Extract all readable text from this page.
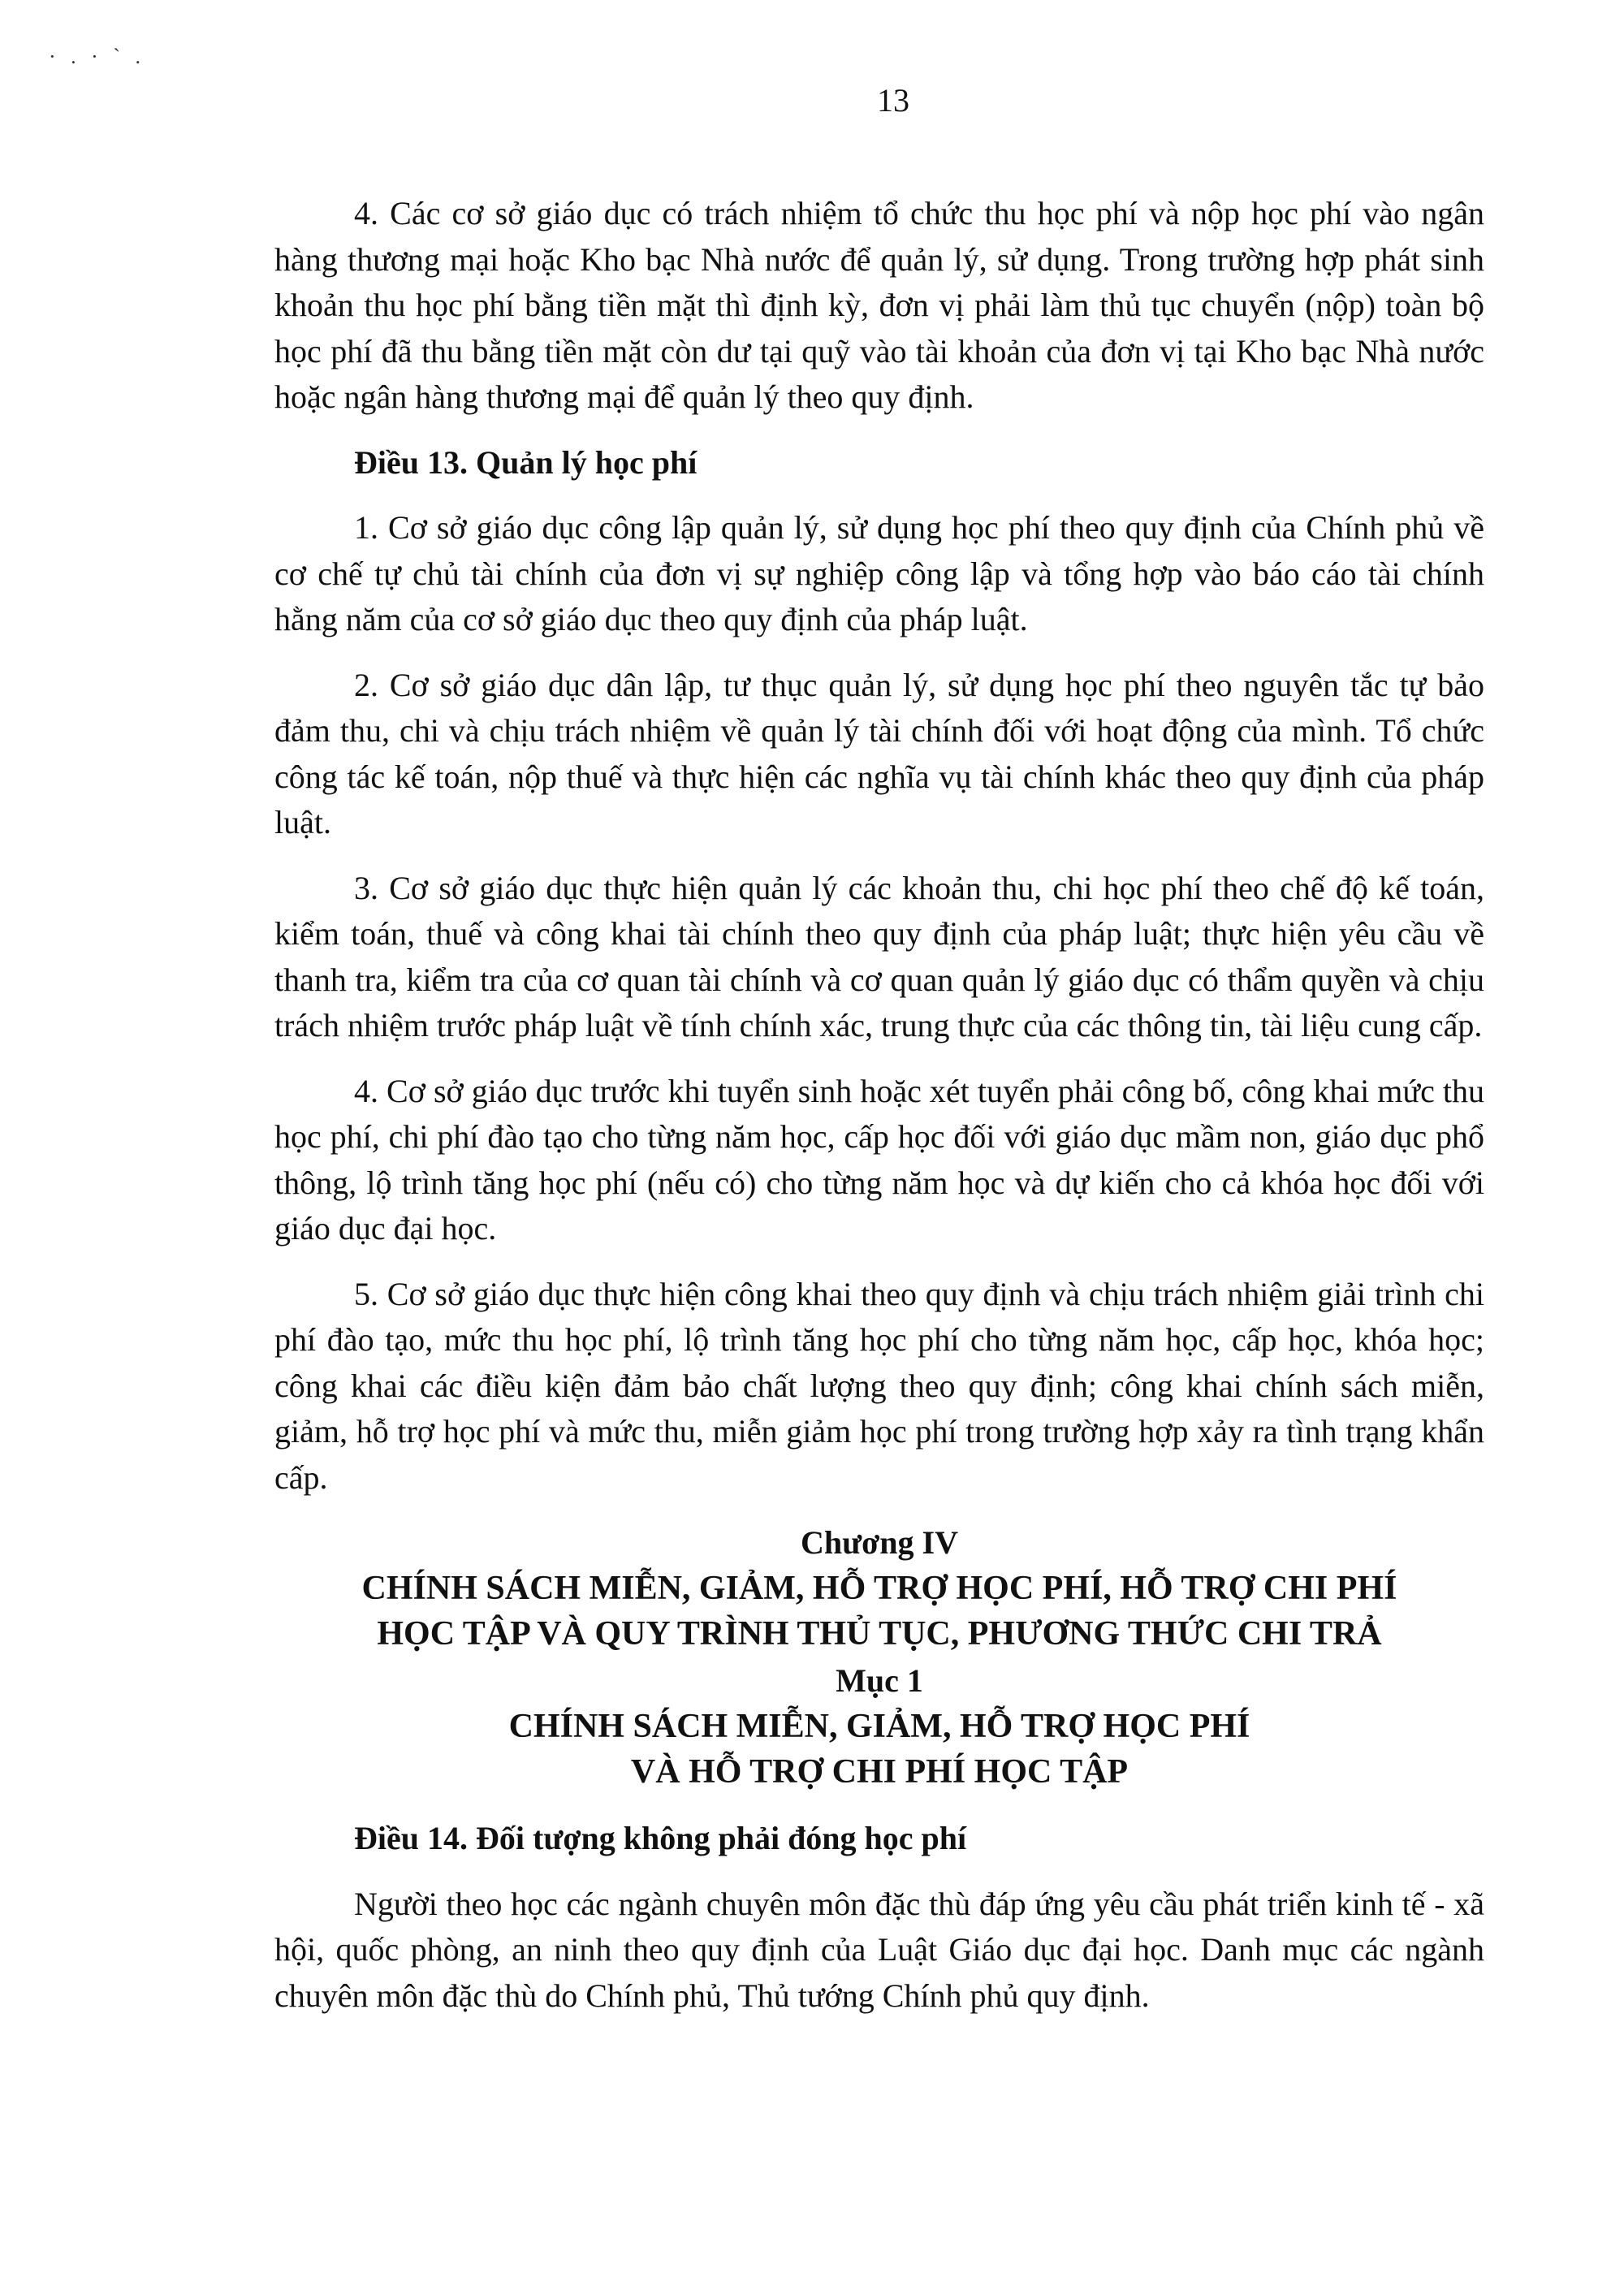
· . · ` .
13

4. Các cơ sở giáo dục có trách nhiệm tổ chức thu học phí và nộp học phí vào ngân hàng thương mại hoặc Kho bạc Nhà nước để quản lý, sử dụng. Trong trường hợp phát sinh khoản thu học phí bằng tiền mặt thì định kỳ, đơn vị phải làm thủ tục chuyển (nộp) toàn bộ học phí đã thu bằng tiền mặt còn dư tại quỹ vào tài khoản của đơn vị tại Kho bạc Nhà nước hoặc ngân hàng thương mại để quản lý theo quy định.

Điều 13. Quản lý học phí

1. Cơ sở giáo dục công lập quản lý, sử dụng học phí theo quy định của Chính phủ về cơ chế tự chủ tài chính của đơn vị sự nghiệp công lập và tổng hợp vào báo cáo tài chính hằng năm của cơ sở giáo dục theo quy định của pháp luật.

2. Cơ sở giáo dục dân lập, tư thục quản lý, sử dụng học phí theo nguyên tắc tự bảo đảm thu, chi và chịu trách nhiệm về quản lý tài chính đối với hoạt động của mình. Tổ chức công tác kế toán, nộp thuế và thực hiện các nghĩa vụ tài chính khác theo quy định của pháp luật.

3. Cơ sở giáo dục thực hiện quản lý các khoản thu, chi học phí theo chế độ kế toán, kiểm toán, thuế và công khai tài chính theo quy định của pháp luật; thực hiện yêu cầu về thanh tra, kiểm tra của cơ quan tài chính và cơ quan quản lý giáo dục có thẩm quyền và chịu trách nhiệm trước pháp luật về tính chính xác, trung thực của các thông tin, tài liệu cung cấp.

4. Cơ sở giáo dục trước khi tuyển sinh hoặc xét tuyển phải công bố, công khai mức thu học phí, chi phí đào tạo cho từng năm học, cấp học đối với giáo dục mầm non, giáo dục phổ thông, lộ trình tăng học phí (nếu có) cho từng năm học và dự kiến cho cả khóa học đối với giáo dục đại học.

5. Cơ sở giáo dục thực hiện công khai theo quy định và chịu trách nhiệm giải trình chi phí đào tạo, mức thu học phí, lộ trình tăng học phí cho từng năm học, cấp học, khóa học; công khai các điều kiện đảm bảo chất lượng theo quy định; công khai chính sách miễn, giảm, hỗ trợ học phí và mức thu, miễn giảm học phí trong trường hợp xảy ra tình trạng khẩn cấp.

Chương IV
CHÍNH SÁCH MIỄN, GIẢM, HỖ TRỢ HỌC PHÍ, HỖ TRỢ CHI PHÍ
HỌC TẬP VÀ QUY TRÌNH THỦ TỤC, PHƯƠNG THỨC CHI TRẢ
Mục 1
CHÍNH SÁCH MIỄN, GIẢM, HỖ TRỢ HỌC PHÍ
VÀ HỖ TRỢ CHI PHÍ HỌC TẬP

Điều 14. Đối tượng không phải đóng học phí

Người theo học các ngành chuyên môn đặc thù đáp ứng yêu cầu phát triển kinh tế - xã hội, quốc phòng, an ninh theo quy định của Luật Giáo dục đại học. Danh mục các ngành chuyên môn đặc thù do Chính phủ, Thủ tướng Chính phủ quy định.
